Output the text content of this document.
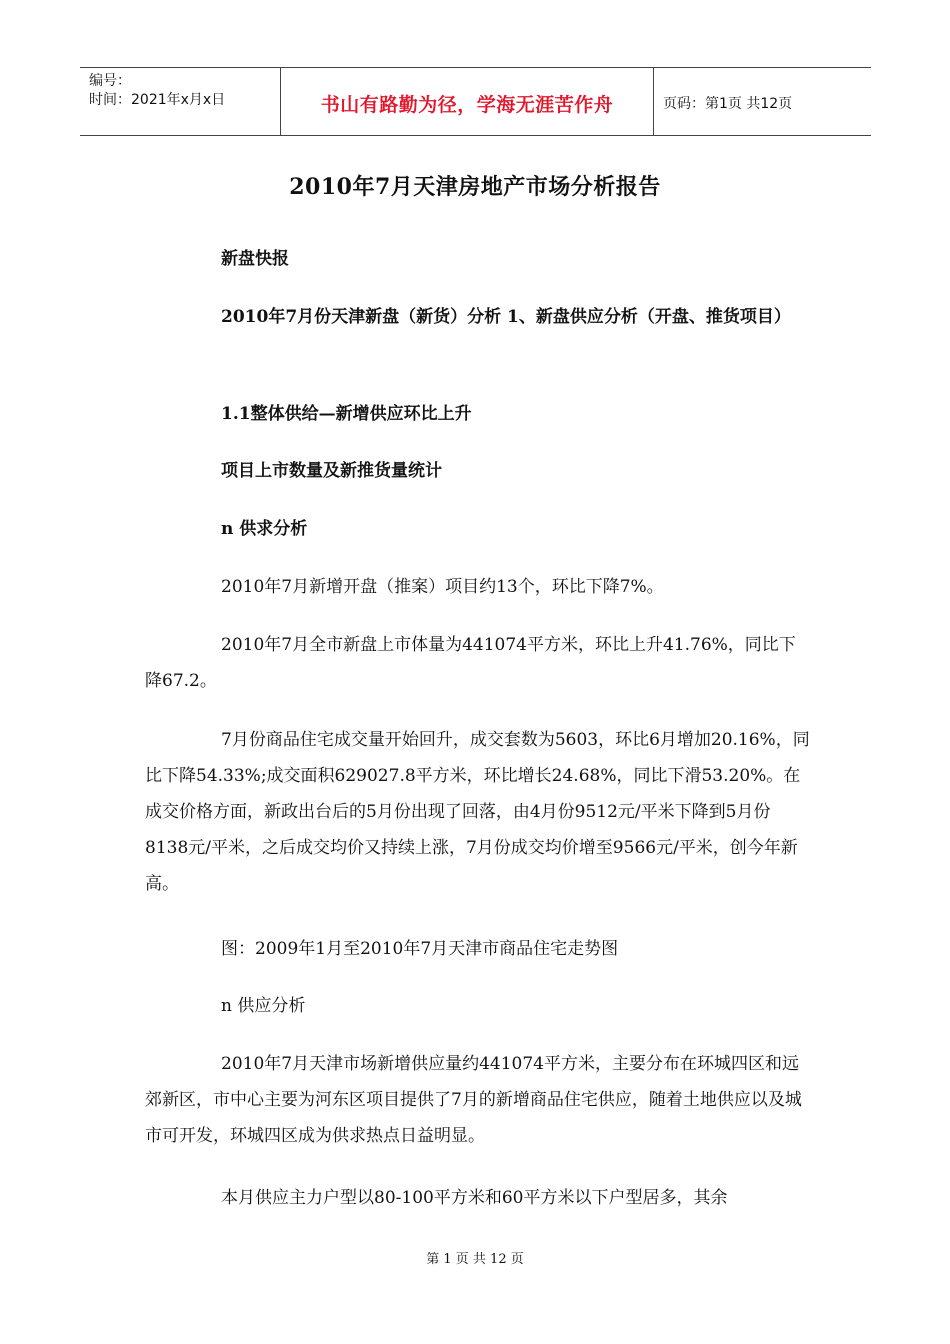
编号：
时间：2021年x月x日	书山有路勤为径，学海无涯苦作舟	页码：第1页 共12页
2010年7月天津房地产市场分析报告

新盘快报

2010年7月份天津新盘（新货）分析 1、新盘供应分析（开盘、推货项目）

1.1整体供给—新增供应环比上升

项目上市数量及新推货量统计

n 供求分析

2010年7月新增开盘（推案）项目约13个，环比下降7%。

2010年7月全市新盘上市体量为441074平方米，环比上升41.76%，同比下降67.2。

7月份商品住宅成交量开始回升，成交套数为5603，环比6月增加20.16%，同比下降54.33%;成交面积629027.8平方米，环比增长24.68%，同比下滑53.20%。在成交价格方面，新政出台后的5月份出现了回落，由4月份9512元/平米下降到5月份8138元/平米，之后成交均价又持续上涨，7月份成交均价增至9566元/平米，创今年新高。

图：2009年1月至2010年7月天津市商品住宅走势图

n 供应分析

2010年7月天津市场新增供应量约441074平方米，主要分布在环城四区和远郊新区，市中心主要为河东区项目提供了7月的新增商品住宅供应，随着土地供应以及城市可开发，环城四区成为供求热点日益明显。

本月供应主力户型以80-100平方米和60平方米以下户型居多，其余

第 1 页 共 12 页
